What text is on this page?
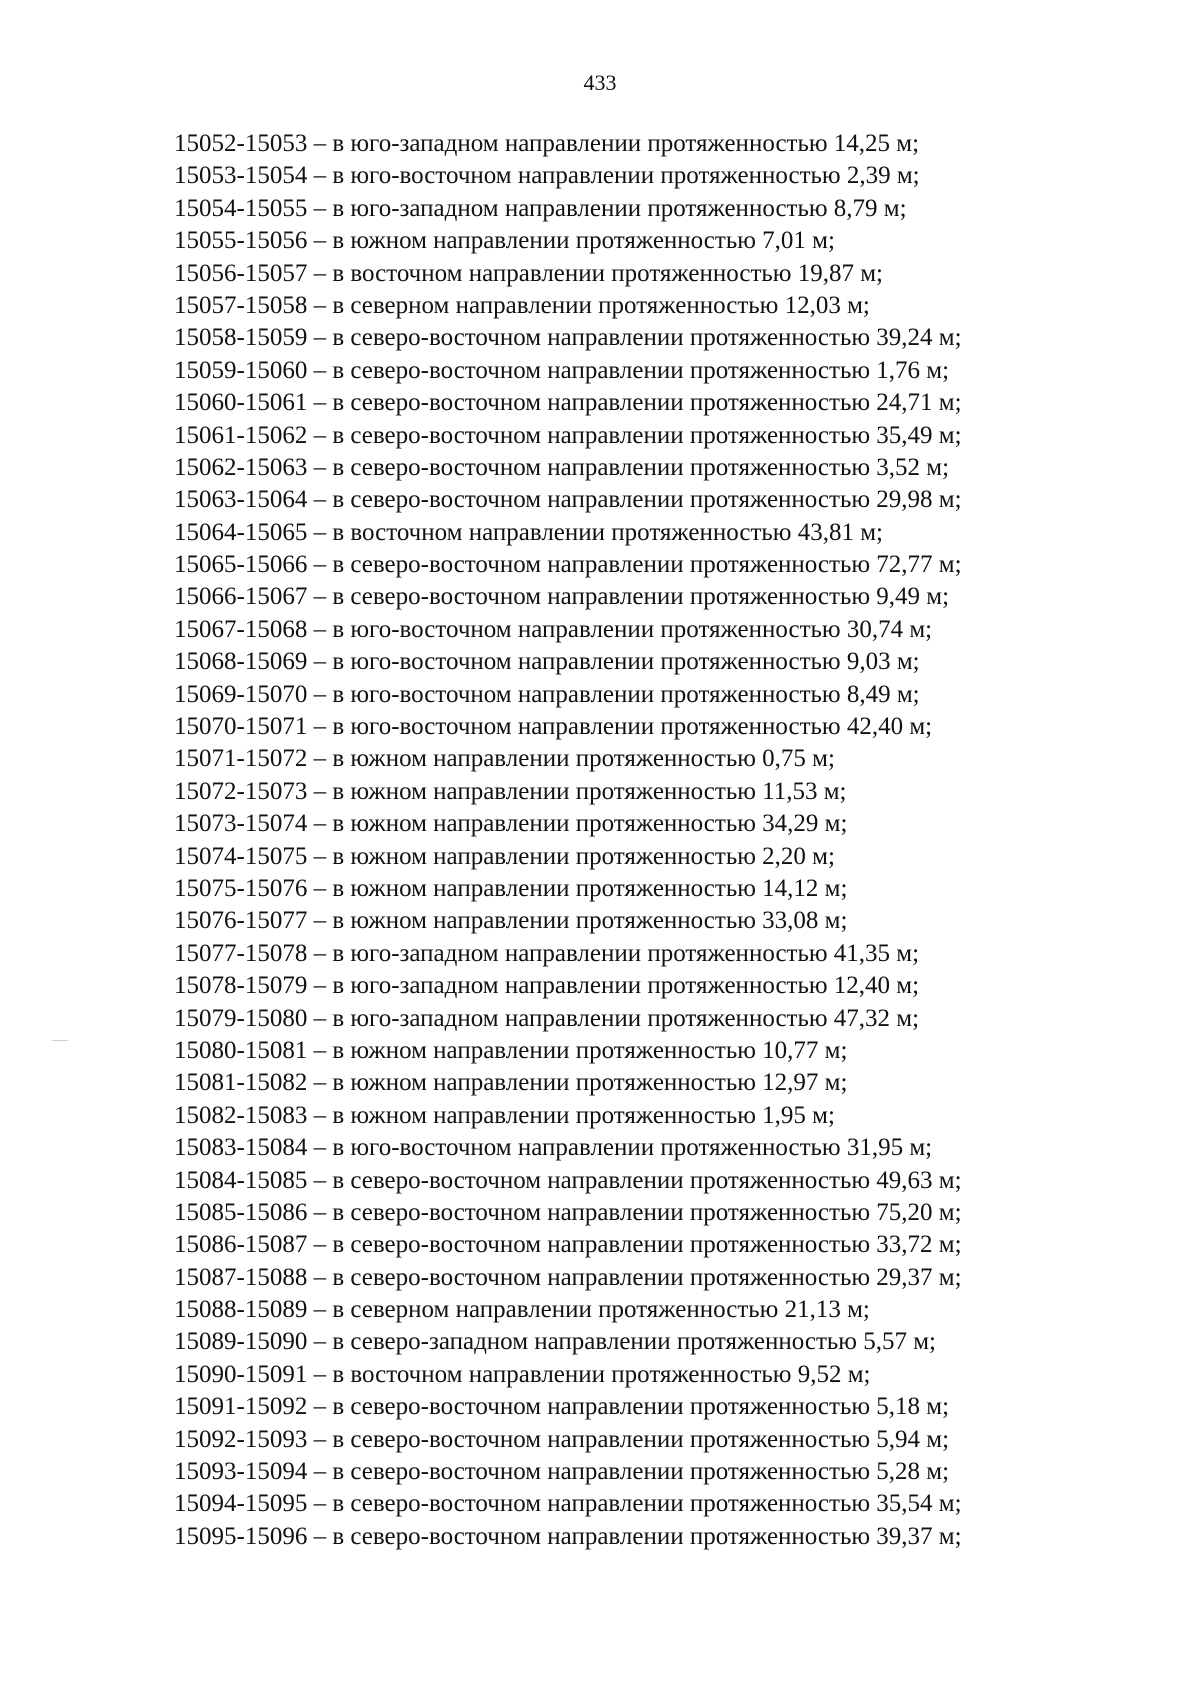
433
15052-15053 – в юго-западном направлении протяженностью 14,25 м;
15053-15054 – в юго-восточном направлении протяженностью 2,39 м;
15054-15055 – в юго-западном направлении протяженностью 8,79 м;
15055-15056 – в южном направлении протяженностью 7,01 м;
15056-15057 – в восточном направлении протяженностью 19,87 м;
15057-15058 – в северном направлении протяженностью 12,03 м;
15058-15059 – в северо-восточном направлении протяженностью 39,24 м;
15059-15060 – в северо-восточном направлении протяженностью 1,76 м;
15060-15061 – в северо-восточном направлении протяженностью 24,71 м;
15061-15062 – в северо-восточном направлении протяженностью 35,49 м;
15062-15063 – в северо-восточном направлении протяженностью 3,52 м;
15063-15064 – в северо-восточном направлении протяженностью 29,98 м;
15064-15065 – в восточном направлении протяженностью 43,81 м;
15065-15066 – в северо-восточном направлении протяженностью 72,77 м;
15066-15067 – в северо-восточном направлении протяженностью 9,49 м;
15067-15068 – в юго-восточном направлении протяженностью 30,74 м;
15068-15069 – в юго-восточном направлении протяженностью 9,03 м;
15069-15070 – в юго-восточном направлении протяженностью 8,49 м;
15070-15071 – в юго-восточном направлении протяженностью 42,40 м;
15071-15072 – в южном направлении протяженностью 0,75 м;
15072-15073 – в южном направлении протяженностью 11,53 м;
15073-15074 – в южном направлении протяженностью 34,29 м;
15074-15075 – в южном направлении протяженностью 2,20 м;
15075-15076 – в южном направлении протяженностью 14,12 м;
15076-15077 – в южном направлении протяженностью 33,08 м;
15077-15078 – в юго-западном направлении протяженностью 41,35 м;
15078-15079 – в юго-западном направлении протяженностью 12,40 м;
15079-15080 – в юго-западном направлении протяженностью 47,32 м;
15080-15081 – в южном направлении протяженностью 10,77 м;
15081-15082 – в южном направлении протяженностью 12,97 м;
15082-15083 – в южном направлении протяженностью 1,95 м;
15083-15084 – в юго-восточном направлении протяженностью 31,95 м;
15084-15085 – в северо-восточном направлении протяженностью 49,63 м;
15085-15086 – в северо-восточном направлении протяженностью 75,20 м;
15086-15087 – в северо-восточном направлении протяженностью 33,72 м;
15087-15088 – в северо-восточном направлении протяженностью 29,37 м;
15088-15089 – в северном направлении протяженностью 21,13 м;
15089-15090 – в северо-западном направлении протяженностью 5,57 м;
15090-15091 – в восточном направлении протяженностью 9,52 м;
15091-15092 – в северо-восточном направлении протяженностью 5,18 м;
15092-15093 – в северо-восточном направлении протяженностью 5,94 м;
15093-15094 – в северо-восточном направлении протяженностью 5,28 м;
15094-15095 – в северо-восточном направлении протяженностью 35,54 м;
15095-15096 – в северо-восточном направлении протяженностью 39,37 м;
